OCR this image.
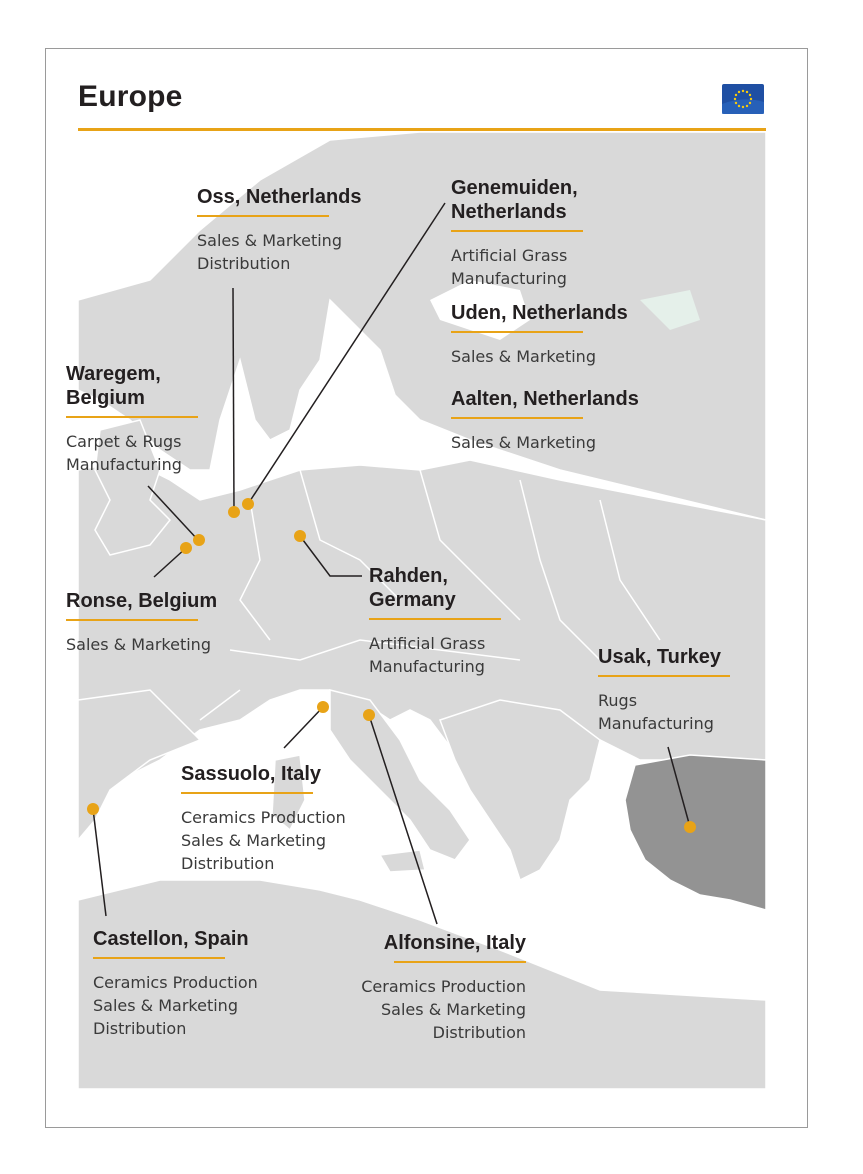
Europe
Oss, Netherlands
Sales & Marketing
Distribution
Genemuiden,
Netherlands
Artificial Grass
Manufacturing
Uden, Netherlands
Sales & Marketing
Aalten, Netherlands
Sales & Marketing
Waregem,
Belgium
Carpet & Rugs
Manufacturing
Ronse, Belgium
Sales & Marketing
Rahden,
Germany
Artificial Grass
Manufacturing	Usak, Turkey
Rugs
Manufacturing
Sassuolo, Italy
Ceramics Production
Sales & Marketing
Distribution
Castellon, Spain
Ceramics Production
Sales & Marketing
Distribution
Alfonsine, Italy
Ceramics Production
Sales & Marketing
Distribution
